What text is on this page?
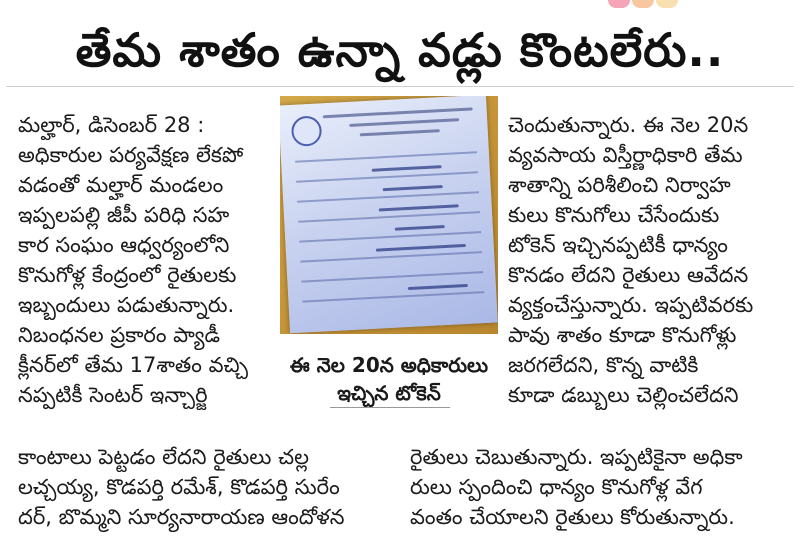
తేమ శాతం ఉన్నా వడ్లు కొంటలేరు..
మల్హార్, డిసెంబర్ 28 :
అధికారుల పర్యవేక్షణ లేకపో
వడంతో మల్హార్ మండలం
ఇప్పలపల్లి జీపీ పరిధి సహ
కార సంఘం ఆధ్వర్యంలోని
కొనుగోళ్ల కేంద్రంలో రైతులకు
ఇబ్బందులు పడుతున్నారు.
నిబంధనల ప్రకారం ప్యాడీ
క్లీనర్‌లో తేమ 17శాతం వచ్చి
నప్పటికీ సెంటర్ ఇన్చార్జి
ఈ నెల 20న అధికారులు
ఇచ్చిన టోకెన్
చెందుతున్నారు. ఈ నెల 20న
వ్యవసాయ విస్తీర్ణాధికారి తేమ
శాతాన్ని పరిశీలించి నిర్వాహ
కులు కొనుగోలు చేసేందుకు
టోకెన్ ఇచ్చినప్పటికీ ధాన్యం
కొనడం లేదని రైతులు ఆవేదన
వ్యక్తంచేస్తున్నారు. ఇప్పటివరకు
పావు శాతం కూడా కొనుగోళ్లు
జరగలేదని, కొన్న వాటికి
కూడా డబ్బులు చెల్లించలేదని
కాంటాలు పెట్టడం లేదని రైతులు చల్ల
లచ్చయ్య, కొడపర్తి రమేశ్, కొడపర్తి సురేం
దర్, బొమ్మని సూర్యనారాయణ ఆందోళన
రైతులు చెబుతున్నారు. ఇప్పటికైనా అధికా
రులు స్పందించి ధాన్యం కొనుగోళ్ల వేగ
వంతం చేయాలని రైతులు కోరుతున్నారు.
